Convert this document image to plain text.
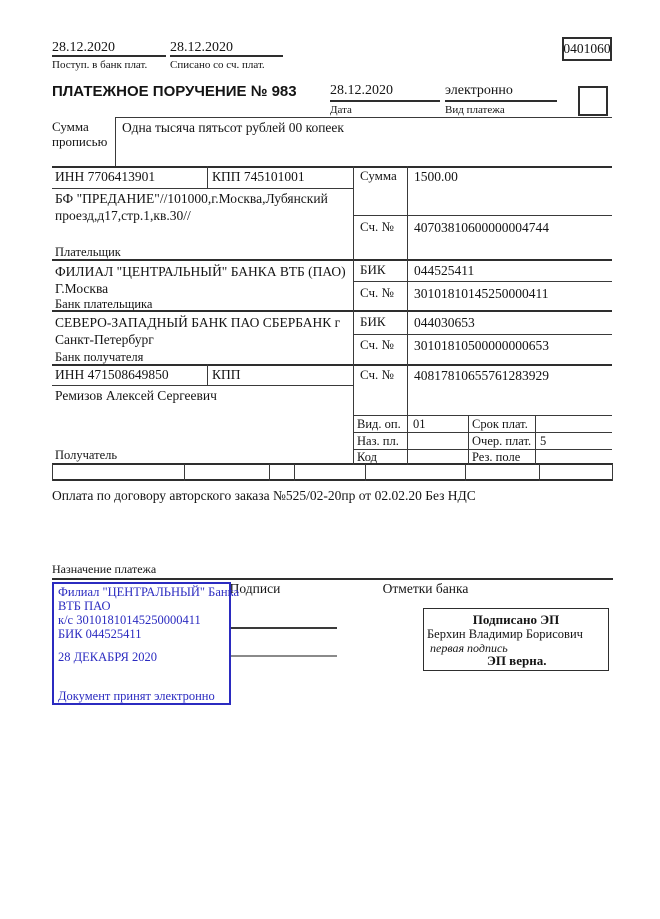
28.12.2020	28.12.2020
Поступ. в банк плат. Списано со сч. плат.
0401060
ПЛАТЕЖНОЕ ПОРУЧЕНИЕ № 983 28.12.2020	электронно
Дата	Вид платежа
Сумма
прописью
Одна тысяча пятьсот рублей 00 копеек
ИНН 7706413901	КПП 745101001	Сумма 1500.00
БФ "ПРЕДАНИЕ"//101000,г.Москва,Лубянский
проезд,д17,стр.1,кв.30//
Сч. № 40703810600000004744
Плательщик
ФИЛИАЛ "ЦЕНТРАЛЬНЫЙ" БАНКА ВТБ (ПАО)
Г.Москва
БИК 044525411
Сч. № 30101810145250000411
Банк плательщика
СЕВЕРО-ЗАПАДНЫЙ БАНК ПАО СБЕРБАНК г
Санкт-Петербург
БИК 044030653
Сч. № 30101810500000000653
Банк получателя
ИНН 471508649850	КПП	Сч. № 40817810655761283929
Ремизов Алексей Сергеевич
Получатель
Вид. оп. 01	Срок плат.
Наз. пл.	Очер. плат. 5
Код	Рез. поле
Оплата по договору авторского заказа №525/02-20пр от 02.02.20 Без НДС
Назначение платежа
Подписи	Отметки банка
Филиал "ЦЕНТРАЛЬНЫЙ" Банка
ВТБ ПАО
к/с 30101810145250000411
БИК 044525411
28 ДЕКАБРЯ 2020
Документ принят электронно
Подписано ЭП
Берхин Владимир Борисович
первая подпись
ЭП верна.
